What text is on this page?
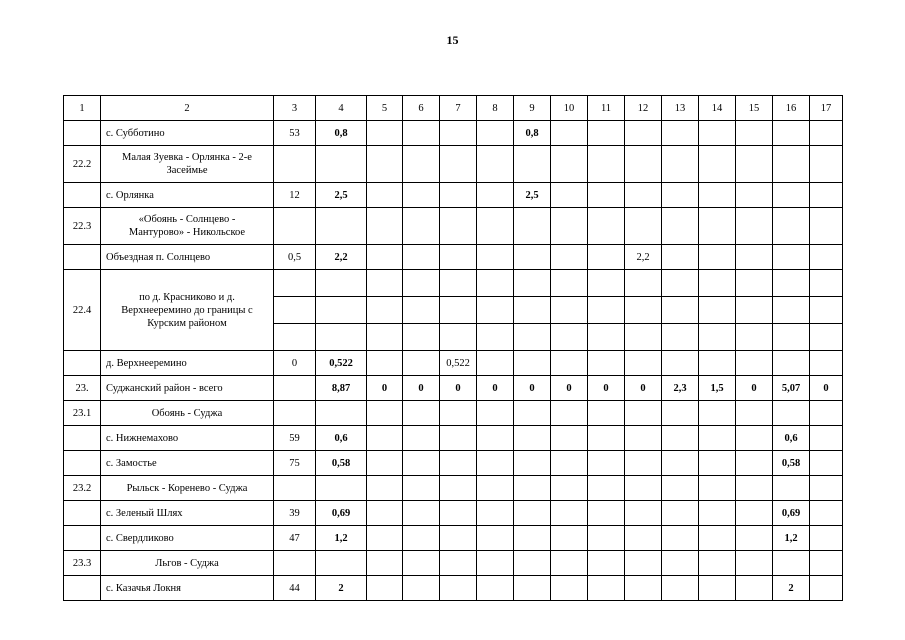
15
1	2	3	4	5	6	7	8	9	10	11	12	13	14	15	16	17
	с. Субботино	53	0,8					0,8								
22.2	Малая Зуевка - Орлянка - 2-е Засеймье															
	с. Орлянка	12	2,5					2,5								
22.3	«Обоянь - Солнцево - Мантурово» - Никольское															
	Объездная п. Солнцево	0,5	2,2								2,2					
22.4	по д. Красниково и д. Верхнееремино до границы с Курским районом															

	д. Верхнееремино	0	0,522			0,522										
23.	Суджанский район - всего		8,87	0	0	0	0	0	0	0	0	2,3	1,5	0	5,07	0
23.1	Обоянь - Суджа															
	с. Нижнемахово	59	0,6												0,6	
	с. Замостье	75	0,58												0,58	
23.2	Рыльск - Коренево - Суджа															
	с. Зеленый Шлях	39	0,69												0,69	
	с. Свердликово	47	1,2												1,2	
23.3	Льгов - Суджа															
	с. Казачья Локня	44	2												2	
